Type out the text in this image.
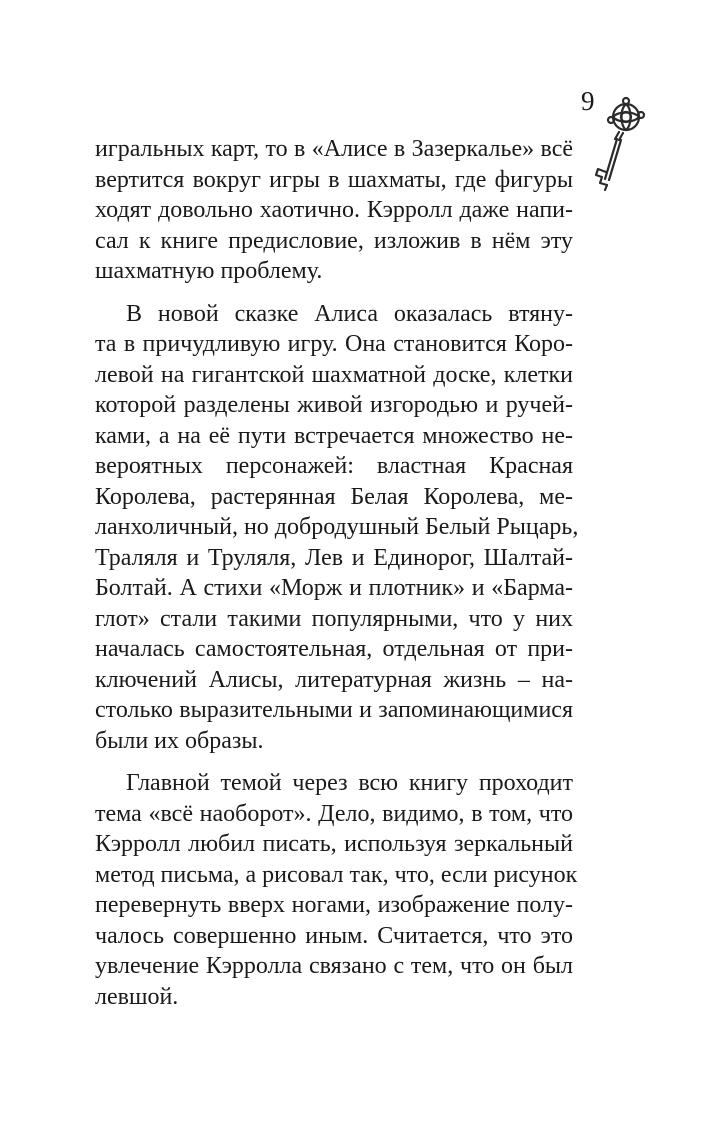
9
игральных карт, то в «Алисе в Зазеркалье» всё
вертится вокруг игры в шахматы, где фигуры
ходят довольно хаотично. Кэрролл даже напи-
сал к книге предисловие, изложив в нём эту
шахматную проблему.
В новой сказке Алиса оказалась втяну-
та в причудливую игру. Она становится Коро-
левой на гигантской шахматной доске, клетки
которой разделены живой изгородью и ручей-
ками, а на её пути встречается множество не-
вероятных персонажей: властная Красная
Королева, растерянная Белая Королева, ме-
ланхоличный, но добродушный Белый Рыцарь,
Траляля и Труляля, Лев и Единорог, Шалтай-
Болтай. А стихи «Морж и плотник» и «Барма-
глот» стали такими популярными, что у них
началась самостоятельная, отдельная от при-
ключений Алисы, литературная жизнь – на-
столько выразительными и запоминающимися
были их образы.
Главной темой через всю книгу проходит
тема «всё наоборот». Дело, видимо, в том, что
Кэрролл любил писать, используя зеркальный
метод письма, а рисовал так, что, если рисунок
перевернуть вверх ногами, изображение полу-
чалось совершенно иным. Считается, что это
увлечение Кэрролла связано с тем, что он был
левшой.
